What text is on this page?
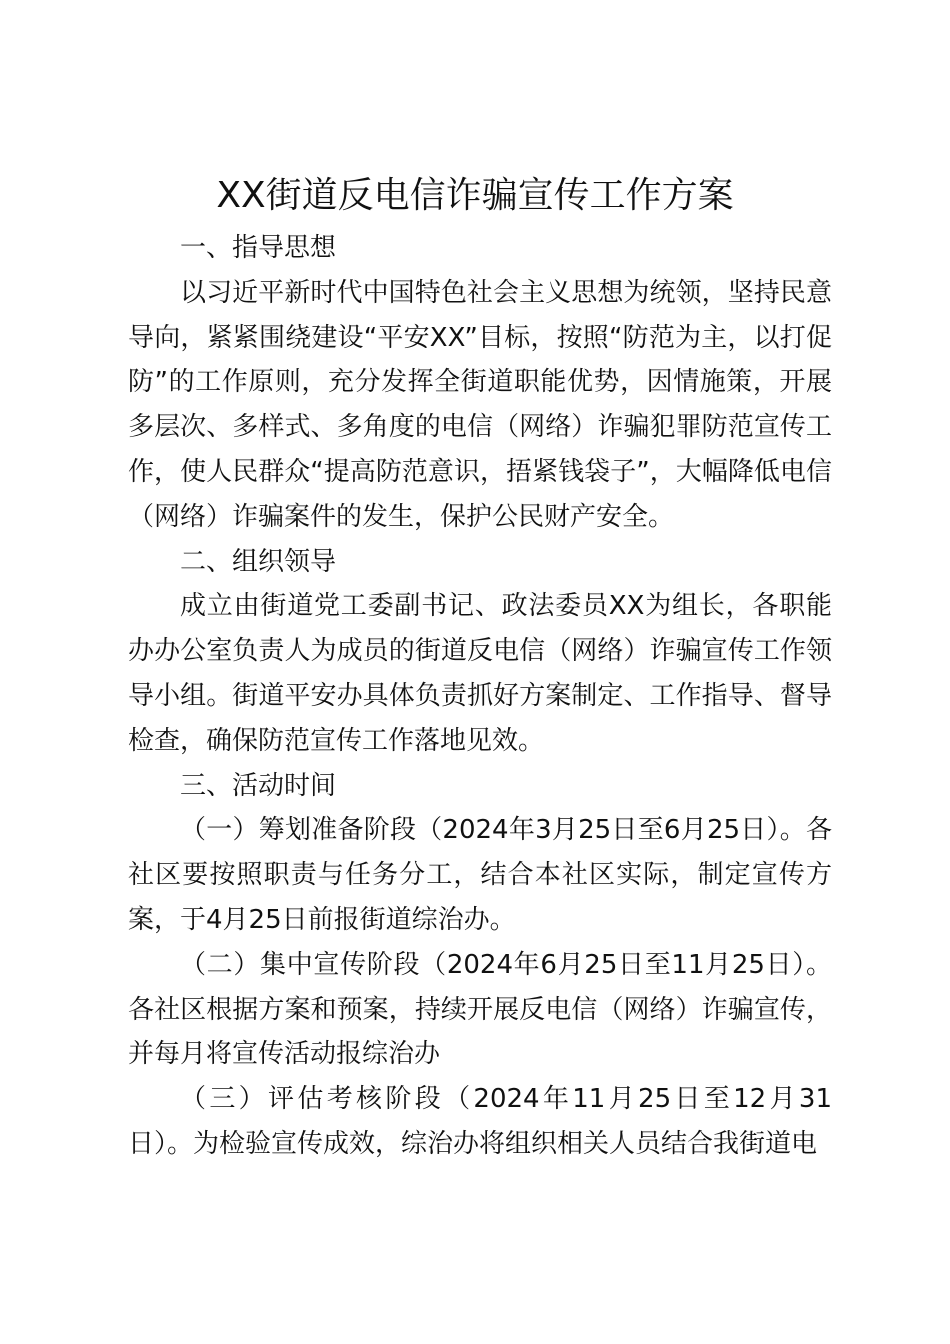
XX街道反电信诈骗宣传工作方案

一、指导思想

以习近平新时代中国特色社会主义思想为统领，坚持民意导向，紧紧围绕建设“平安XX”目标，按照“防范为主，以打促防”的工作原则，充分发挥全街道职能优势，因情施策，开展多层次、多样式、多角度的电信（网络）诈骗犯罪防范宣传工作，使人民群众“提高防范意识，捂紧钱袋子”，大幅降低电信（网络）诈骗案件的发生，保护公民财产安全。

二、组织领导

成立由街道党工委副书记、政法委员XX为组长，各职能办办公室负责人为成员的街道反电信（网络）诈骗宣传工作领导小组。街道平安办具体负责抓好方案制定、工作指导、督导检查，确保防范宣传工作落地见效。

三、活动时间

（一）筹划准备阶段（2024年3月25日至6月25日）。各社区要按照职责与任务分工，结合本社区实际，制定宣传方案，于4月25日前报街道综治办。

（二）集中宣传阶段（2024年6月25日至11月25日）。各社区根据方案和预案，持续开展反电信（网络）诈骗宣传，并每月将宣传活动报综治办

（三）评估考核阶段（2024年11月25日至12月31日）。为检验宣传成效，综治办将组织相关人员结合我街道电
